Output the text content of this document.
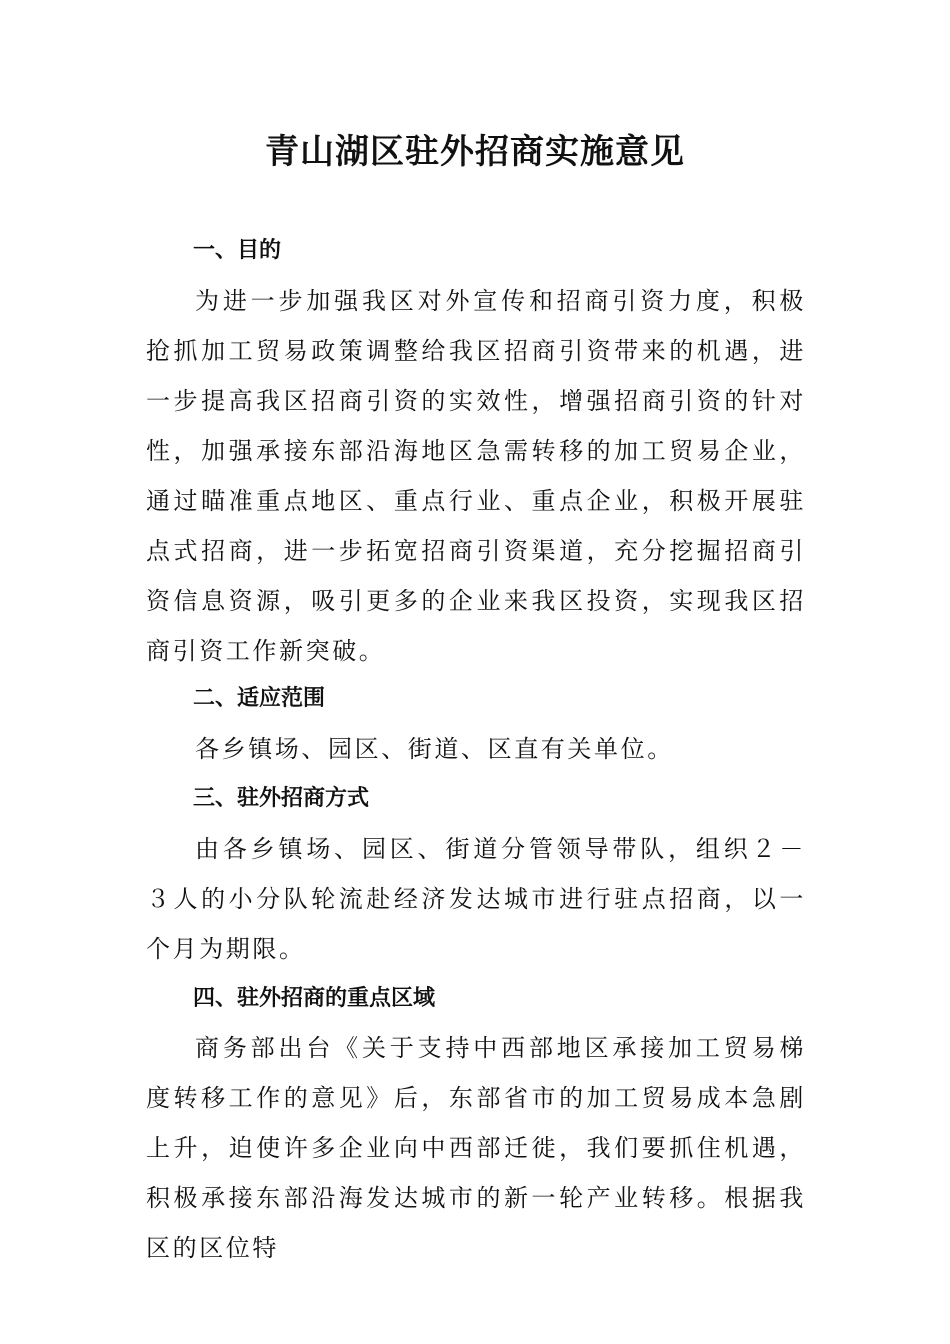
青山湖区驻外招商实施意见
一、目的

为进一步加强我区对外宣传和招商引资力度，积极抢抓加工贸易政策调整给我区招商引资带来的机遇，进一步提高我区招商引资的实效性，增强招商引资的针对性，加强承接东部沿海地区急需转移的加工贸易企业，通过瞄准重点地区、重点行业、重点企业，积极开展驻点式招商，进一步拓宽招商引资渠道，充分挖掘招商引资信息资源，吸引更多的企业来我区投资，实现我区招商引资工作新突破。

二、适应范围

各乡镇场、园区、街道、区直有关单位。

三、驻外招商方式

由各乡镇场、园区、街道分管领导带队，组织２－３人的小分队轮流赴经济发达城市进行驻点招商，以一个月为期限。

四、驻外招商的重点区域

商务部出台《关于支持中西部地区承接加工贸易梯度转移工作的意见》后，东部省市的加工贸易成本急剧上升，迫使许多企业向中西部迁徙，我们要抓住机遇，积极承接东部沿海发达城市的新一轮产业转移。根据我区的区位特
